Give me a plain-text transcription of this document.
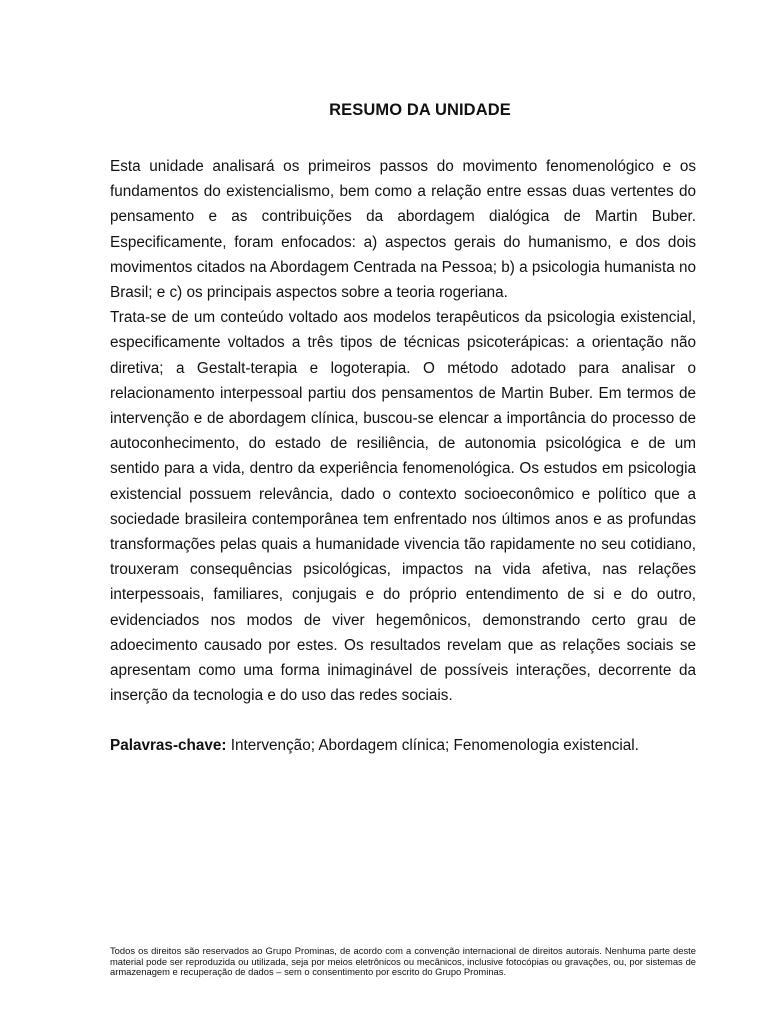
RESUMO DA UNIDADE

Esta unidade analisará os primeiros passos do movimento fenomenológico e os fundamentos do existencialismo, bem como a relação entre essas duas vertentes do pensamento e as contribuições da abordagem dialógica de Martin Buber. Especificamente, foram enfocados: a) aspectos gerais do humanismo, e dos dois movimentos citados na Abordagem Centrada na Pessoa; b) a psicologia humanista no Brasil; e c) os principais aspectos sobre a teoria rogeriana.

Trata-se de um conteúdo voltado aos modelos terapêuticos da psicologia existencial, especificamente voltados a três tipos de técnicas psicoterápicas: a orientação não diretiva; a Gestalt-terapia e logoterapia. O método adotado para analisar o relacionamento interpessoal partiu dos pensamentos de Martin Buber. Em termos de intervenção e de abordagem clínica, buscou-se elencar a importância do processo de autoconhecimento, do estado de resiliência, de autonomia psicológica e de um sentido para a vida, dentro da experiência fenomenológica. Os estudos em psicologia existencial possuem relevância, dado o contexto socioeconômico e político que a sociedade brasileira contemporânea tem enfrentado nos últimos anos e as profundas transformações pelas quais a humanidade vivencia tão rapidamente no seu cotidiano, trouxeram consequências psicológicas, impactos na vida afetiva, nas relações interpessoais, familiares, conjugais e do próprio entendimento de si e do outro, evidenciados nos modos de viver hegemônicos, demonstrando certo grau de adoecimento causado por estes. Os resultados revelam que as relações sociais se apresentam como uma forma inimaginável de possíveis interações, decorrente da inserção da tecnologia e do uso das redes sociais.

Palavras-chave: Intervenção; Abordagem clínica; Fenomenologia existencial.
Todos os direitos são reservados ao Grupo Prominas, de acordo com a convenção internacional de direitos autorais. Nenhuma parte deste material pode ser reproduzida ou utilizada, seja por meios eletrônicos ou mecânicos, inclusive fotocópias ou gravações, ou, por sistemas de armazenagem e recuperação de dados – sem o consentimento por escrito do Grupo Prominas.
